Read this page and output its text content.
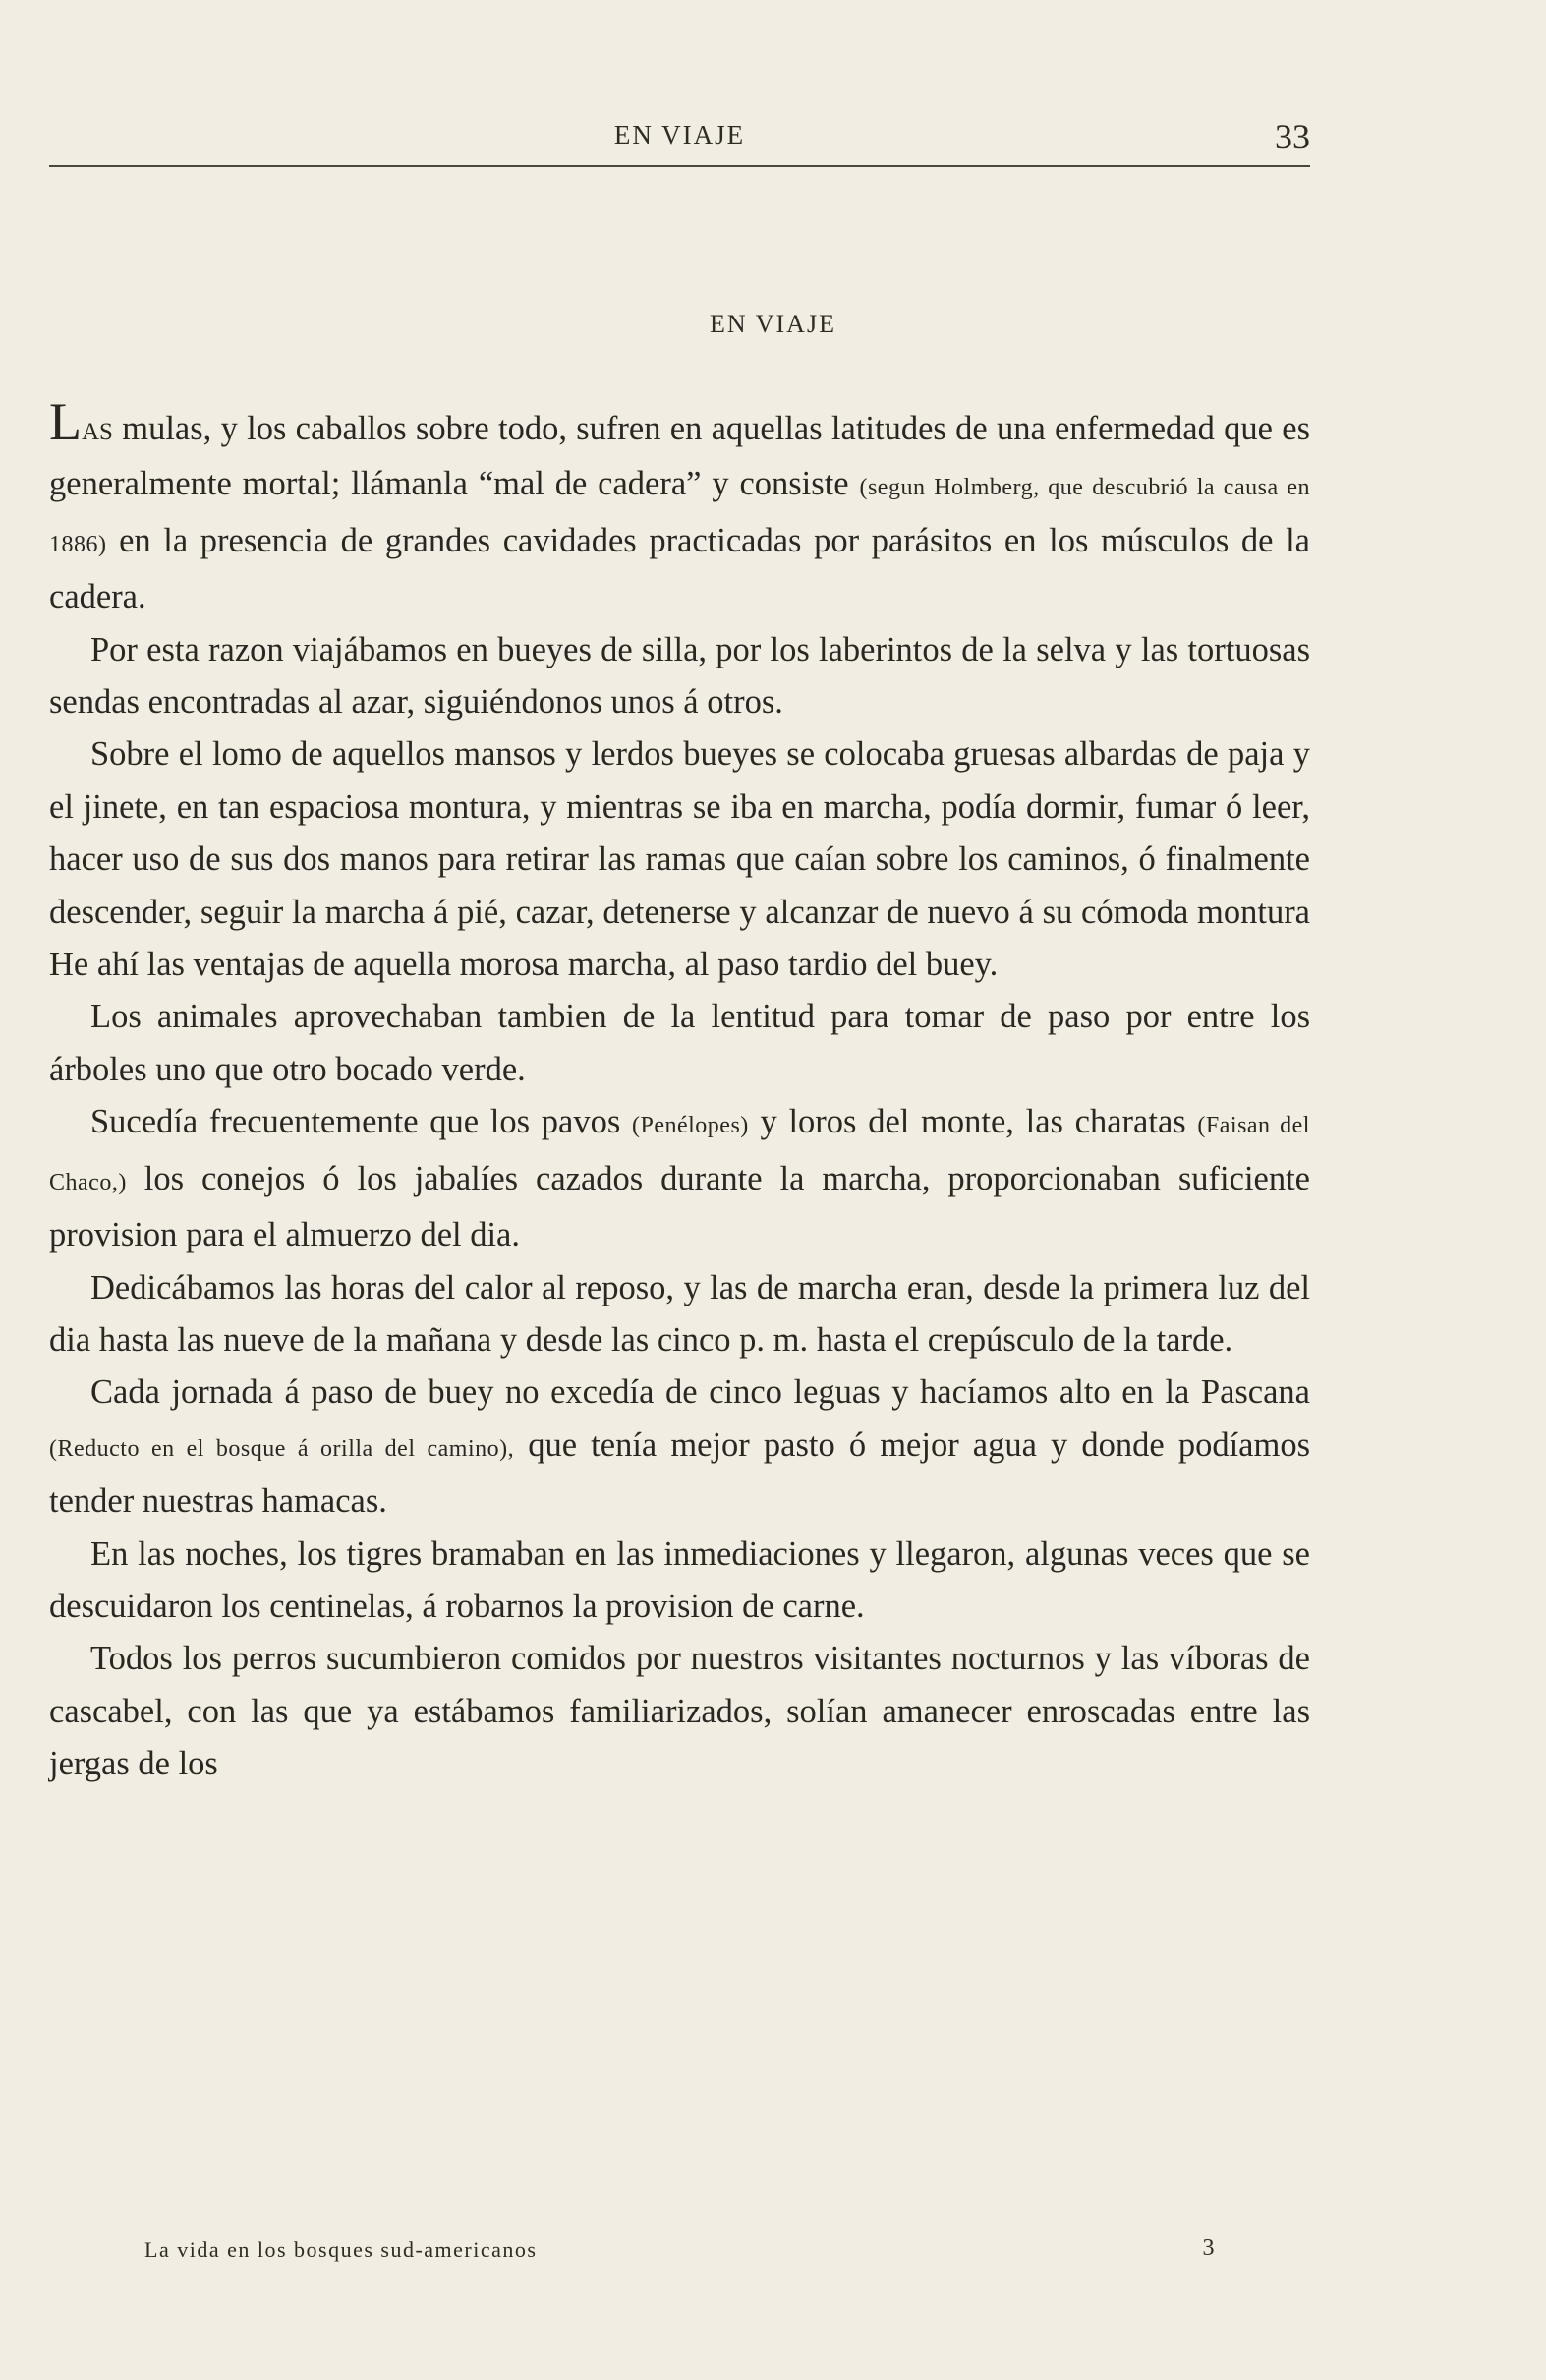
EN VIAJE	33
EN VIAJE

LAS mulas, y los caballos sobre todo, sufren en aquellas latitudes de una enfermedad que es generalmente mortal; llámanla “mal de cadera” y consiste (segun Holmberg, que descubrió la causa en 1886) en la presencia de grandes cavidades practicadas por parásitos en los músculos de la cadera.

Por esta razon viajábamos en bueyes de silla, por los laberintos de la selva y las tortuosas sendas encontradas al azar, siguiéndonos unos á otros.

Sobre el lomo de aquellos mansos y lerdos bueyes se colocaba gruesas albardas de paja y el jinete, en tan espaciosa montura, y mientras se iba en marcha, podía dormir, fumar ó leer, hacer uso de sus dos manos para retirar las ramas que caían sobre los caminos, ó finalmente descender, seguir la marcha á pié, cazar, detenerse y alcanzar de nuevo á su cómoda montura He ahí las ventajas de aquella morosa marcha, al paso tardio del buey.

Los animales aprovechaban tambien de la lentitud para tomar de paso por entre los árboles uno que otro bocado verde.

Sucedía frecuentemente que los pavos (Penélopes) y loros del monte, las charatas (Faisan del Chaco,) los conejos ó los jabalíes cazados durante la marcha, proporcionaban suficiente provision para el almuerzo del dia.

Dedicábamos las horas del calor al reposo, y las de marcha eran, desde la primera luz del dia hasta las nueve de la mañana y desde las cinco p. m. hasta el crepúsculo de la tarde.

Cada jornada á paso de buey no excedía de cinco leguas y hacíamos alto en la Pascana (Reducto en el bosque á orilla del camino), que tenía mejor pasto ó mejor agua y donde podíamos tender nuestras hamacas.

En las noches, los tigres bramaban en las inmediaciones y llegaron, algunas veces que se descuidaron los centinelas, á robarnos la provision de carne.

Todos los perros sucumbieron comidos por nuestros visitantes nocturnos y las víboras de cascabel, con las que ya estábamos familiarizados, solían amanecer enroscadas entre las jergas de los

La vida en los bosques sud-americanos	3
